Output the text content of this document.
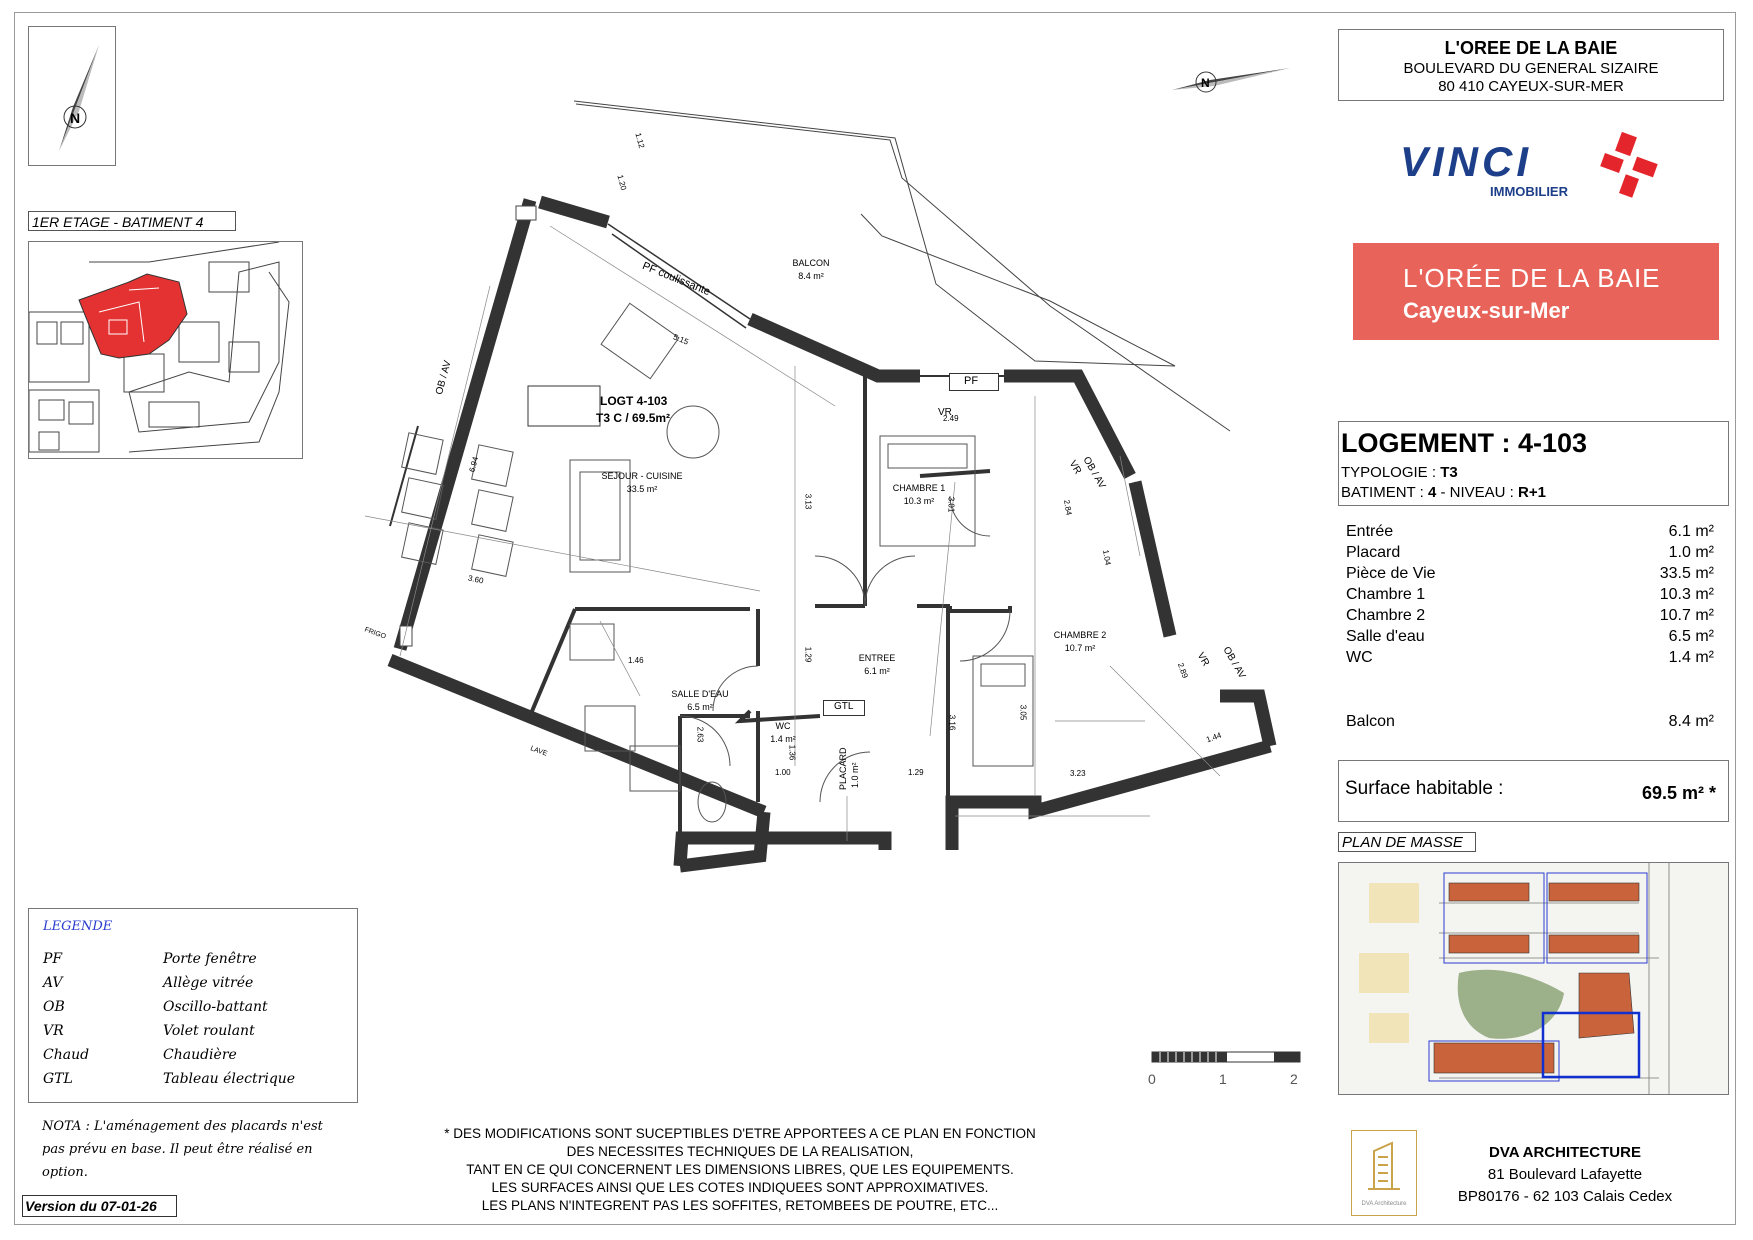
N
N
1ER ETAGE - BATIMENT 4
L'OREE DE LA BAIE
BOULEVARD DU GENERAL SIZAIRE
80 410 CAYEUX-SUR-MER
VINCI
IMMOBILIER
L'ORÉE DE LA BAIE
Cayeux-sur-Mer
LOGEMENT : 4-103
TYPOLOGIE : T3
BATIMENT : 4 - NIVEAU : R+1
Entrée	6.1 m²
Placard	1.0 m²
Pièce de Vie	33.5 m²
Chambre 1	10.3 m²
Chambre 2	10.7 m²
Salle d'eau	6.5 m²
WC	1.4 m²
Balcon	8.4 m²
Surface habitable :	69.5 m² *
PLAN DE MASSE
LOGT 4-103
T3 C / 69.5m²
BALCON
8.4 m²
SEJOUR - CUISINE
33.5 m²	CHAMBRE 1
10.3 m²
CHAMBRE 2
10.7 m²
ENTREE
6.1 m²
SALLE D'EAU
6.5 m²
WC
1.4 m²
PLACARD 1.0 m²
PF coulissante
PF
OB / AV
OB / AV
OB / AV
VR
VR
VR
GTL
FRIGO
LAVE
5.15
6.94
3.60
3.13	3.01
2.49
2.84
1.04
2.89
1.44
3.05
3.23
3.16
1.29
1.29
1.36
1.46
2.63
1.00
1.20
1.12
LEGENDE
PF	Porte fenêtre
AV	Allège vitrée
OB	Oscillo-battant
VR	Volet roulant
Chaud	Chaudière
GTL	Tableau électrique
NOTA : L'aménagement des placards n'est pas prévu en base. Il peut être réalisé en option.
Version du 07-01-26
0	1	2
* DES MODIFICATIONS SONT SUCEPTIBLES D'ETRE APPORTEES A CE PLAN EN FONCTION
DES NECESSITES TECHNIQUES DE LA REALISATION,
TANT EN CE QUI CONCERNENT LES DIMENSIONS LIBRES, QUE LES EQUIPEMENTS.
LES SURFACES AINSI QUE LES COTES INDIQUEES SONT APPROXIMATIVES.
LES PLANS N'INTEGRENT PAS LES SOFFITES, RETOMBEES DE POUTRE, ETC...	DVA Architecture
DVA ARCHITECTURE
81 Boulevard Lafayette
BP80176 - 62 103 Calais Cedex
